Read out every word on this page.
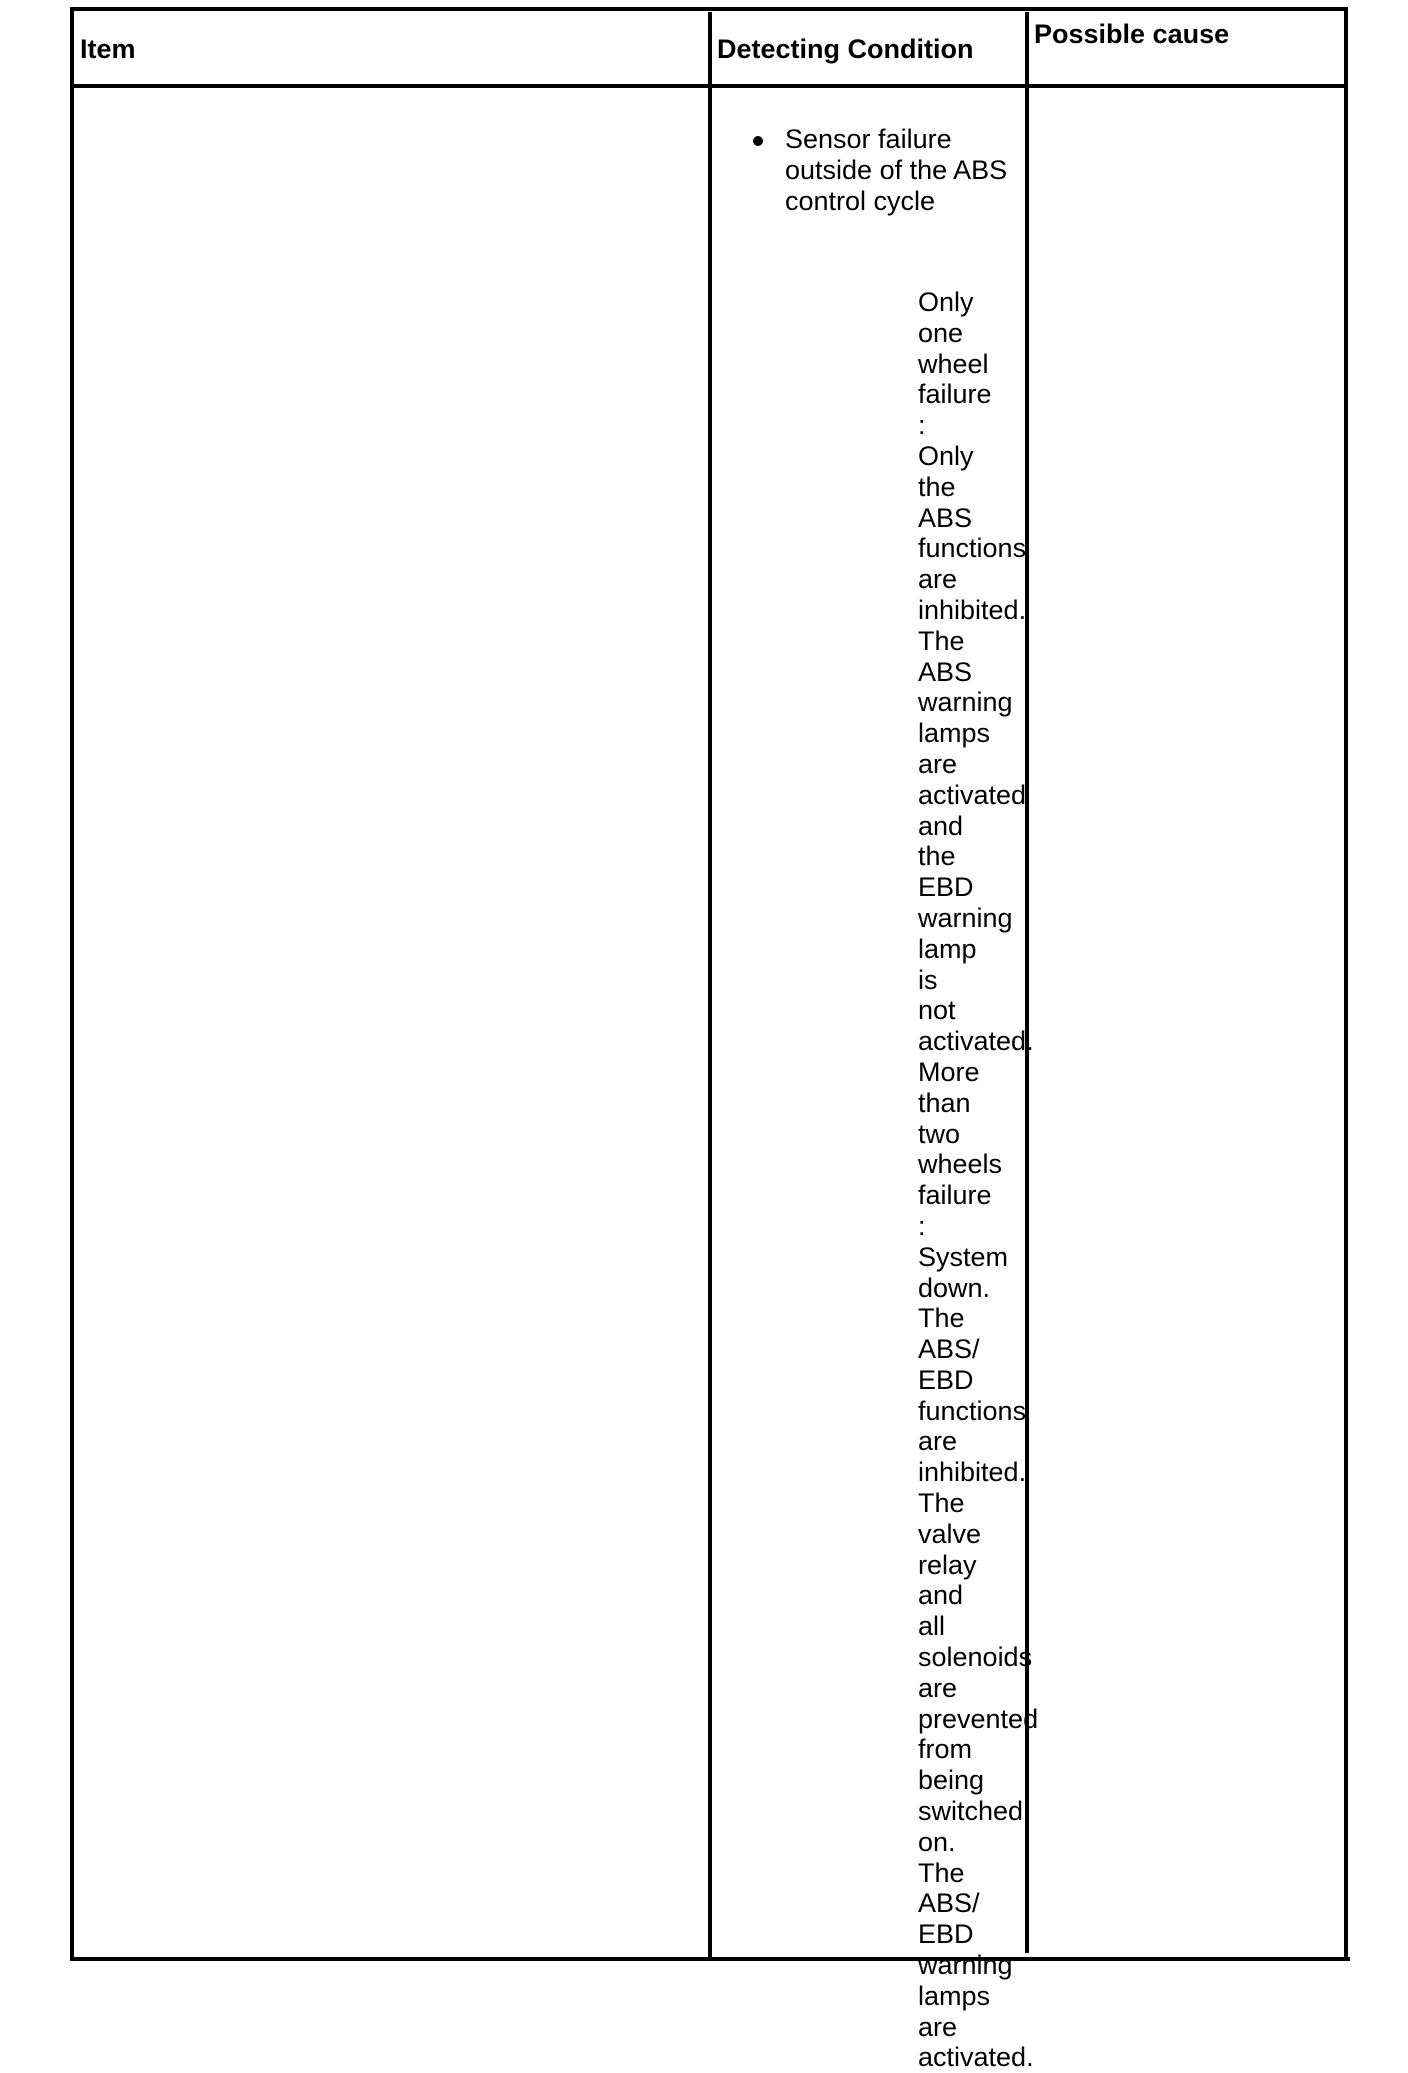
Item	Detecting Condition Possible cause
Sensor failure outside of the ABS control cycle
Only one wheel failure : Only the ABS functions are inhibited. The ABS warning lamps are activated and the EBD warning lamp is not activated. More than two wheels failure : System down. The ABS/ EBD functions are inhibited. The valve relay and all solenoids are prevented from being switched on. The ABS/ EBD warning lamps are activated.
